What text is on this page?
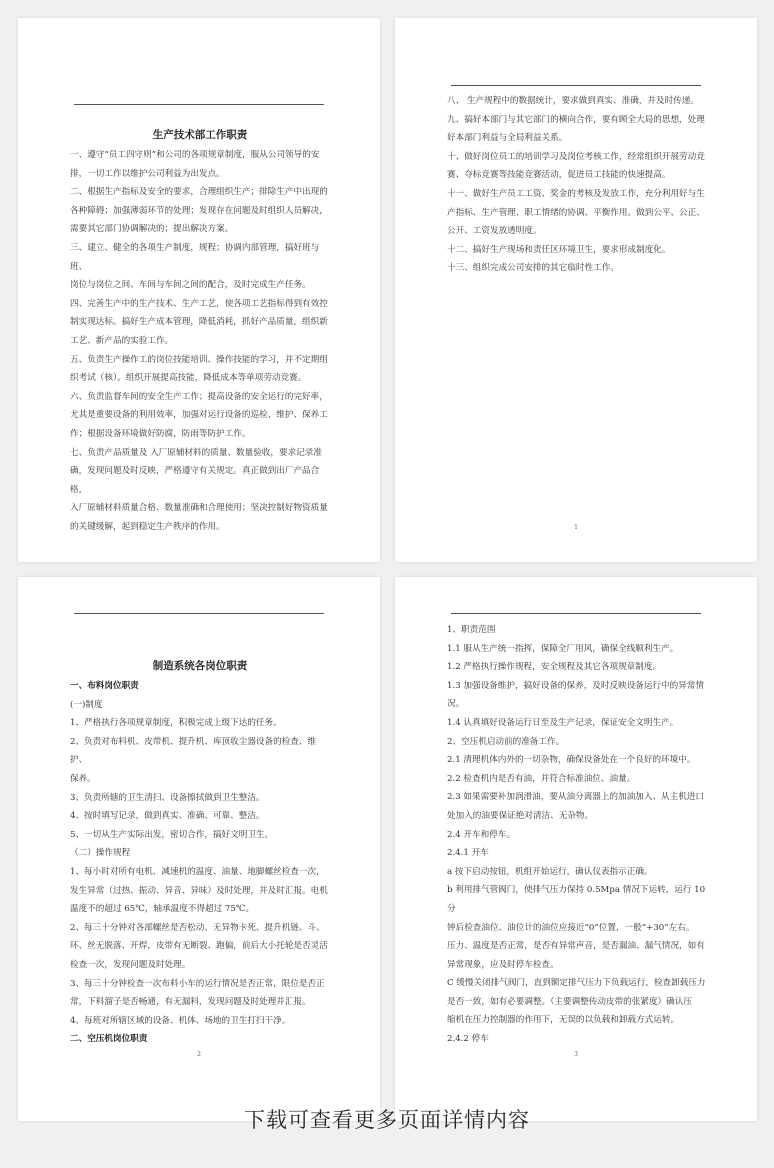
生产技术部工作职责

一、遵守“员工四守则”和公司的各项规章制度，服从公司领导的安

排，一切工作以维护公司利益为出发点。

二、根据生产指标及安全的要求，合理组织生产；排除生产中出现的

各种障碍；加强薄弱环节的处理；发现存在问题及时组织人员解决，

需要其它部门协调解决的；提出解决方案。

三、建立、健全的各项生产制度，规程；协调内部管理，搞好班与班、

岗位与岗位之间、车间与车间之间的配合，及时完成生产任务。

四、完善生产中的生产技术、生产工艺，使各项工艺指标得到有效控

制实现达标。搞好生产成本管理，降低消耗，抓好产品质量，组织新

工艺、新产品的实验工作。

五、负责生产操作工的岗位技能培训、操作技能的学习，并不定期组

织考试（核）。组织开展提高技能，降低成本等单项劳动竞赛。

六、负责监督车间的安全生产工作；提高设备的安全运行的完好率，

尤其是重要设备的利用效率，加强对运行设备的巡检、维护、保养工

作；根据设备环境做好防腐，防雨等防护工作。

七、负责产品质量及 入厂原辅材料的质量、数量验收，要求记录准

确，发现问题及时反映，严格遵守有关规定。真正做到出厂产品合格，

入厂原辅材料质量合格、数量准确和合理使用；坚决控制好物资质量

的关键缓解，起到稳定生产秩序的作用。

八、 生产规程中的数据统计，要求做到真实、准确，并及时传递。

九、搞好本部门与其它部门的横向合作，要有顾全大局的思想，处理

好本部门利益与全局利益关系。

十、做好岗位员工的培训学习及岗位考核工作，经常组织开展劳动竞

赛、夺标竞赛等技能竞赛活动，促进员工技能的快速提高。

十一、做好生产员工工资、奖金的考核及发放工作，充分利用好与生

产指标、生产管理、职工情绪的协调、平衡作用。做到公平、公正、

公开、工资发放透明度。

十二、搞好生产现场和责任区环境卫生，要求形成制度化。

十三、组织完成公司安排的其它临时性工作。

1

制造系统各岗位职责

一、布料岗位职责

(一)制度

1、严格执行各项规章制度，积极完成上级下达的任务。

2、负责对布料机、皮带机、提升机、库顶收尘器设备的检查、维护、

保养。

3、负责所辖的卫生清扫、设备擦拭做到卫生整洁。

4、按时填写记录，做到真实、准确、可靠、整洁。

5、一切从生产实际出发，密切合作，搞好文明卫生。

（二）操作规程

1、每小时对所有电机、减速机的温度、油量、地脚螺丝检查一次，

发生异常（过热、振动、异音、异味）及时处理，并及时汇报。电机

温度不的超过 65℃，轴承温度不得超过 75℃。

2、每三十分钟对各部螺丝是否松动、无异物卡死、提升机链、斗、

环、丝无脱落、开焊，皮带有无断裂、跑偏，前后大小托轮是否灵活

检查一次，发现问题及时处理。

3、每三十分钟检查一次布料小车的运行情况是否正常，限位是否正

常，下料溜子是否畅通，有无漏料，发现问题及时处理并汇报。

4、每班对所辖区域的设备、机体、场地的卫生打扫干净。

二、空压机岗位职责

2

1、职责范围

1.1 服从生产统一指挥，保障全厂用风，确保全线顺利生产。

1.2 严格执行操作规程，安全规程及其它各项规章制度。

1.3 加强设备维护，搞好设备的保养，及时反映设备运行中的异常情

况。

1.4 认真填好设备运行日至及生产记录，保证安全文明生产。

2、空压机启动前的准备工作。

2.1 清理机体内外的一切杂物，确保设备处在一个良好的环境中。

2.2 检查机内是否有油，并符合标准油位、油量。

2.3 如果需要补加润滑油，要从油分离器上的加油加入、从主机进口

处加入的油要保证绝对清洁、无杂物。

2.4 开车和停车。

2.4.1 开车

a 按下启动按钮，机组开始运行，确认仪表指示正确。

b 利用排气管阀门，使排气压力保持 0.5Mpa 情况下运转，运行 10 分

钟后检查油位、油位计的油位应接近“0”位置，一般“+30”左右。

压力、温度是否正常，是否有异常声音，是否漏油、漏气情况，如有

异常现象，应及时停车检查。

C 缓慢关闭排气阀门，直到额定排气压力下负载运行，检查卸载压力

是否一致，如有必要调整。（主要调整传动皮带的张紧度）确认压

缩机在压力控制器的作用下，无误的以负载和卸载方式运转。

2.4.2 停车

3
下载可查看更多页面详情内容
